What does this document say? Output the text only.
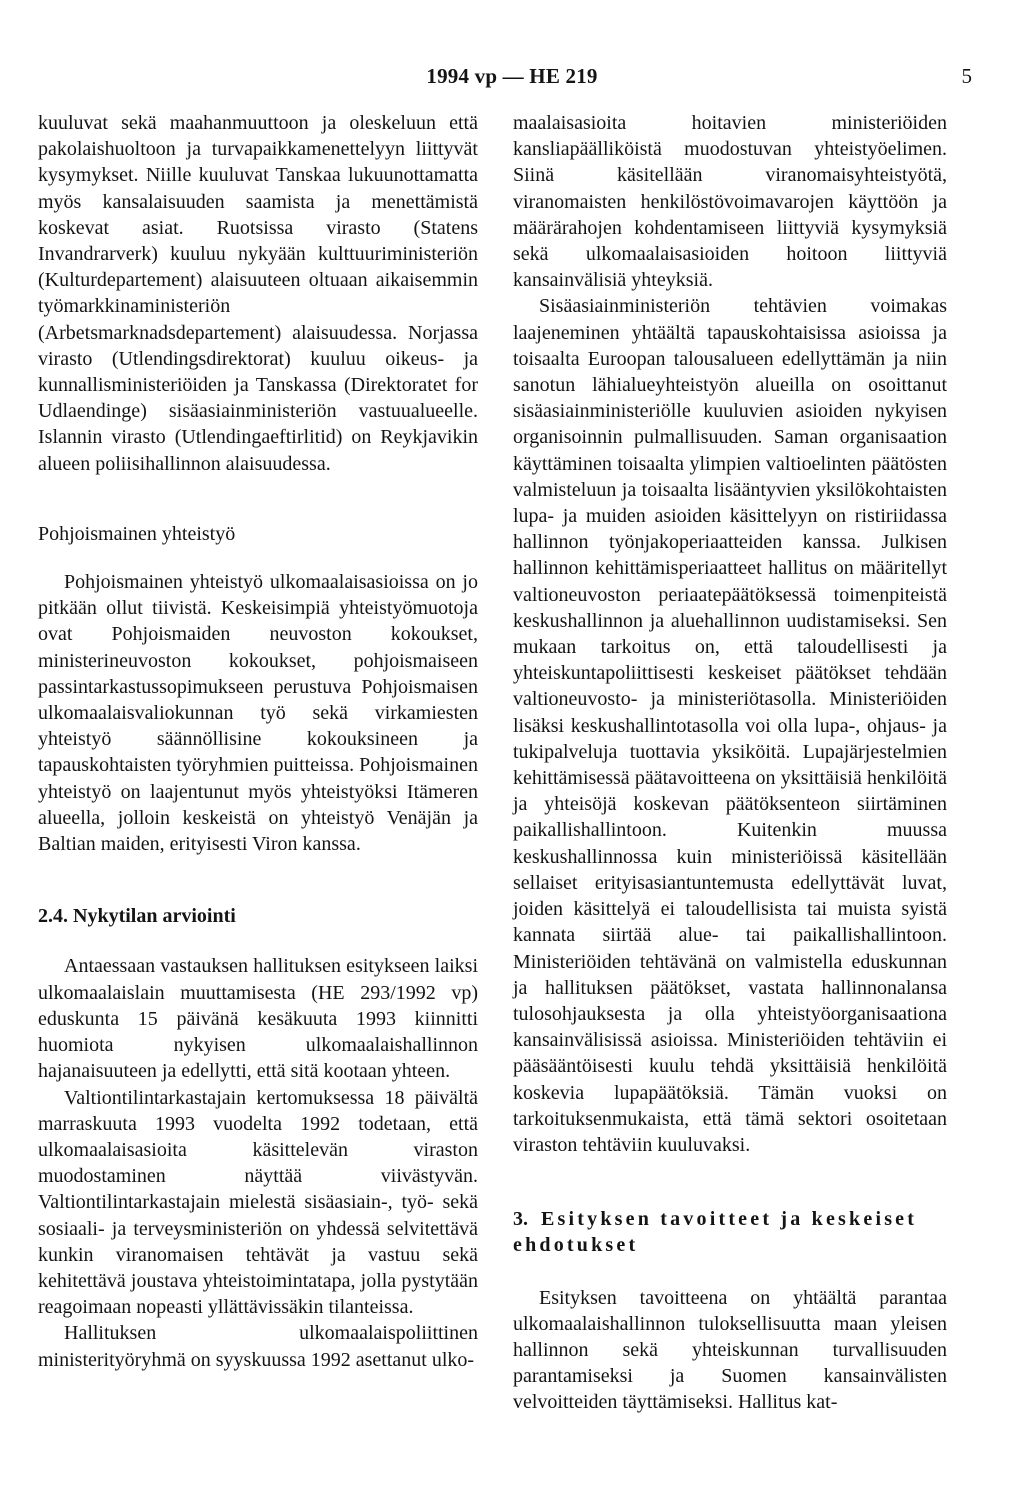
1994 vp — HE 219	5

kuuluvat sekä maahanmuuttoon ja oleskeluun että pakolaishuoltoon ja turvapaikkamenettelyyn liittyvät kysymykset. Niille kuuluvat Tanskaa lukuunottamatta myös kansalaisuuden saamista ja menettämistä koskevat asiat. Ruotsissa virasto (Statens Invandrarverk) kuuluu nykyään kulttuuriministeriön (Kulturdepartement) alaisuuteen oltuaan aikaisemmin työmarkkinaministeriön (Arbetsmarknadsdepartement) alaisuudessa. Norjassa virasto (Utlendingsdirektorat) kuuluu oikeus- ja kunnallisministeriöiden ja Tanskassa (Direktoratet for Udlaendinge) sisäasiainministeriön vastuualueelle. Islannin virasto (Utlendingaeftirlitid) on Reykjavikin alueen poliisihallinnon alaisuudessa.

Pohjoismainen yhteistyö

Pohjoismainen yhteistyö ulkomaalaisasioissa on jo pitkään ollut tiivistä. Keskeisimpiä yhteistyömuotoja ovat Pohjoismaiden neuvoston kokoukset, ministerineuvoston kokoukset, pohjoismaiseen passintarkastussopimukseen perustuva Pohjoismaisen ulkomaalaisvaliokunnan työ sekä virkamiesten yhteistyö säännöllisine kokouksineen ja tapauskohtaisten työryhmien puitteissa. Pohjoismainen yhteistyö on laajentunut myös yhteistyöksi Itämeren alueella, jolloin keskeistä on yhteistyö Venäjän ja Baltian maiden, erityisesti Viron kanssa.

2.4. Nykytilan arviointi

Antaessaan vastauksen hallituksen esitykseen laiksi ulkomaalaislain muuttamisesta (HE 293/1992 vp) eduskunta 15 päivänä kesäkuuta 1993 kiinnitti huomiota nykyisen ulkomaalaishallinnon hajanaisuuteen ja edellytti, että sitä kootaan yhteen.

Valtiontilintarkastajain kertomuksessa 18 päivältä marraskuuta 1993 vuodelta 1992 todetaan, että ulkomaalaisasioita käsittelevän viraston muodostaminen näyttää viivästyvän. Valtiontilintarkastajain mielestä sisäasiain-, työ- sekä sosiaali- ja terveysministeriön on yhdessä selvitettävä kunkin viranomaisen tehtävät ja vastuu sekä kehitettävä joustava yhteistoimintatapa, jolla pystytään reagoimaan nopeasti yllättävissäkin tilanteissa.

Hallituksen ulkomaalaispoliittinen ministerityöryhmä on syyskuussa 1992 asettanut ulko-

maalaisasioita hoitavien ministeriöiden kansliapäälliköistä muodostuvan yhteistyöelimen. Siinä käsitellään viranomaisyhteistyötä, viranomaisten henkilöstövoimavarojen käyttöön ja määrärahojen kohdentamiseen liittyviä kysymyksiä sekä ulkomaalaisasioiden hoitoon liittyviä kansainvälisiä yhteyksiä.

Sisäasiainministeriön tehtävien voimakas laajeneminen yhtäältä tapauskohtaisissa asioissa ja toisaalta Euroopan talousalueen edellyttämän ja niin sanotun lähialueyhteistyön alueilla on osoittanut sisäasiainministeriölle kuuluvien asioiden nykyisen organisoinnin pulmallisuuden. Saman organisaation käyttäminen toisaalta ylimpien valtioelinten päätösten valmisteluun ja toisaalta lisääntyvien yksilökohtaisten lupa- ja muiden asioiden käsittelyyn on ristiriidassa hallinnon työnjakoperiaatteiden kanssa. Julkisen hallinnon kehittämisperiaatteet hallitus on määritellyt valtioneuvoston periaatepäätöksessä toimenpiteistä keskushallinnon ja aluehallinnon uudistamiseksi. Sen mukaan tarkoitus on, että taloudellisesti ja yhteiskuntapoliittisesti keskeiset päätökset tehdään valtioneuvosto- ja ministeriötasolla. Ministeriöiden lisäksi keskushallintotasolla voi olla lupa-, ohjaus- ja tukipalveluja tuottavia yksiköitä. Lupajärjestelmien kehittämisessä päätavoitteena on yksittäisiä henkilöitä ja yhteisöjä koskevan päätöksenteon siirtäminen paikallishallintoon. Kuitenkin muussa keskushallinnossa kuin ministeriöissä käsitellään sellaiset erityisasiantuntemusta edellyttävät luvat, joiden käsittelyä ei taloudellisista tai muista syistä kannata siirtää alue- tai paikallishallintoon. Ministeriöiden tehtävänä on valmistella eduskunnan ja hallituksen päätökset, vastata hallinnonalansa tulosohjauksesta ja olla yhteistyöorganisaationa kansainvälisissä asioissa. Ministeriöiden tehtäviin ei pääsääntöisesti kuulu tehdä yksittäisiä henkilöitä koskevia lupapäätöksiä. Tämän vuoksi on tarkoituksenmukaista, että tämä sektori osoitetaan viraston tehtäviin kuuluvaksi.

3. Esityksen tavoitteet ja keskeiset ehdotukset

Esityksen tavoitteena on yhtäältä parantaa ulkomaalaishallinnon tuloksellisuutta maan yleisen hallinnon sekä yhteiskunnan turvallisuuden parantamiseksi ja Suomen kansainvälisten velvoitteiden täyttämiseksi. Hallitus kat-
